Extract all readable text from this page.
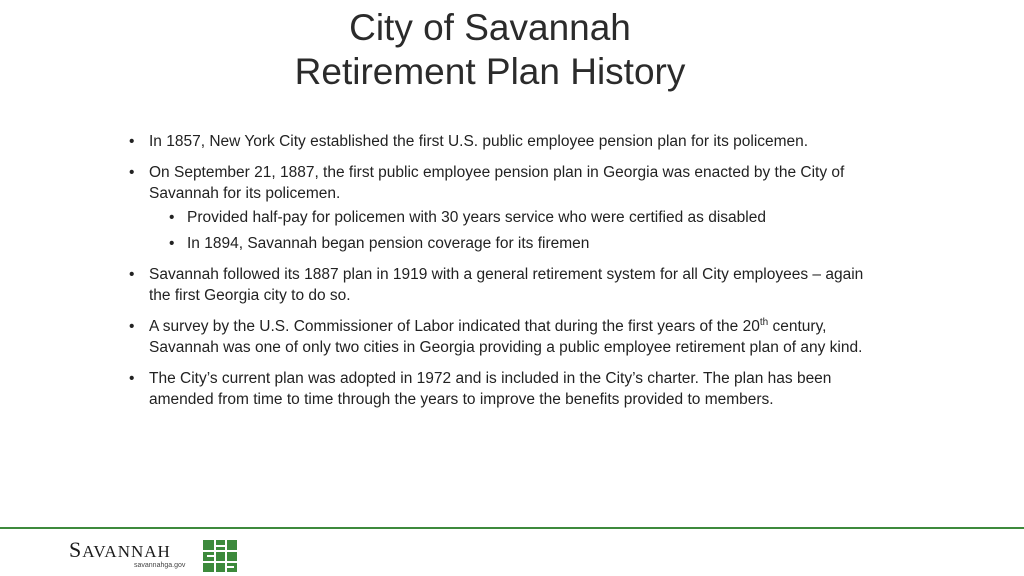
City of Savannah
Retirement Plan History
• In 1857, New York City established the first U.S. public employee pension plan for its policemen.
• On September 21, 1887, the first public employee pension plan in Georgia was enacted by the City of Savannah for its policemen.
• Provided half-pay for policemen with 30 years service who were certified as disabled
• In 1894, Savannah began pension coverage for its firemen
• Savannah followed its 1887 plan in 1919 with a general retirement system for all City employees – again the first Georgia city to do so.
• A survey by the U.S. Commissioner of Labor indicated that during the first years of the 20th century, Savannah was one of only two cities in Georgia providing a public employee retirement plan of any kind.
• The City’s current plan was adopted in 1972 and is included in the City’s charter. The plan has been amended from time to time through the years to improve the benefits provided to members.
SAVANNAH
savannahga.gov
